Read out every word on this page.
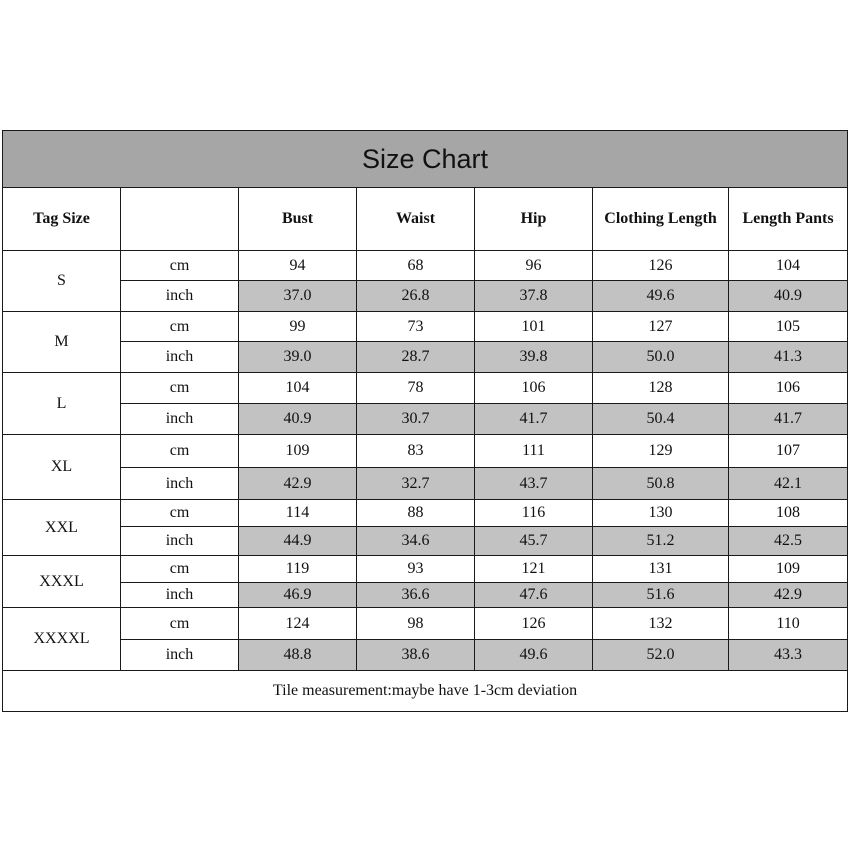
Size Chart						
Tag Size		Bust	Waist	Hip	Clothing Length	Length Pants
S	cm	94	68	96	126	104
	inch	37.0	26.8	37.8	49.6	40.9
M	cm	99	73	101	127	105
	inch	39.0	28.7	39.8	50.0	41.3
L	cm	104	78	106	128	106
	inch	40.9	30.7	41.7	50.4	41.7
XL	cm	109	83	111	129	107
	inch	42.9	32.7	43.7	50.8	42.1
XXL	cm	114	88	116	130	108
	inch	44.9	34.6	45.7	51.2	42.5
XXXL	cm	119	93	121	131	109
	inch	46.9	36.6	47.6	51.6	42.9
XXXXL	cm	124	98	126	132	110
	inch	48.8	38.6	49.6	52.0	43.3
Tile measurement:maybe have 1-3cm deviation						
